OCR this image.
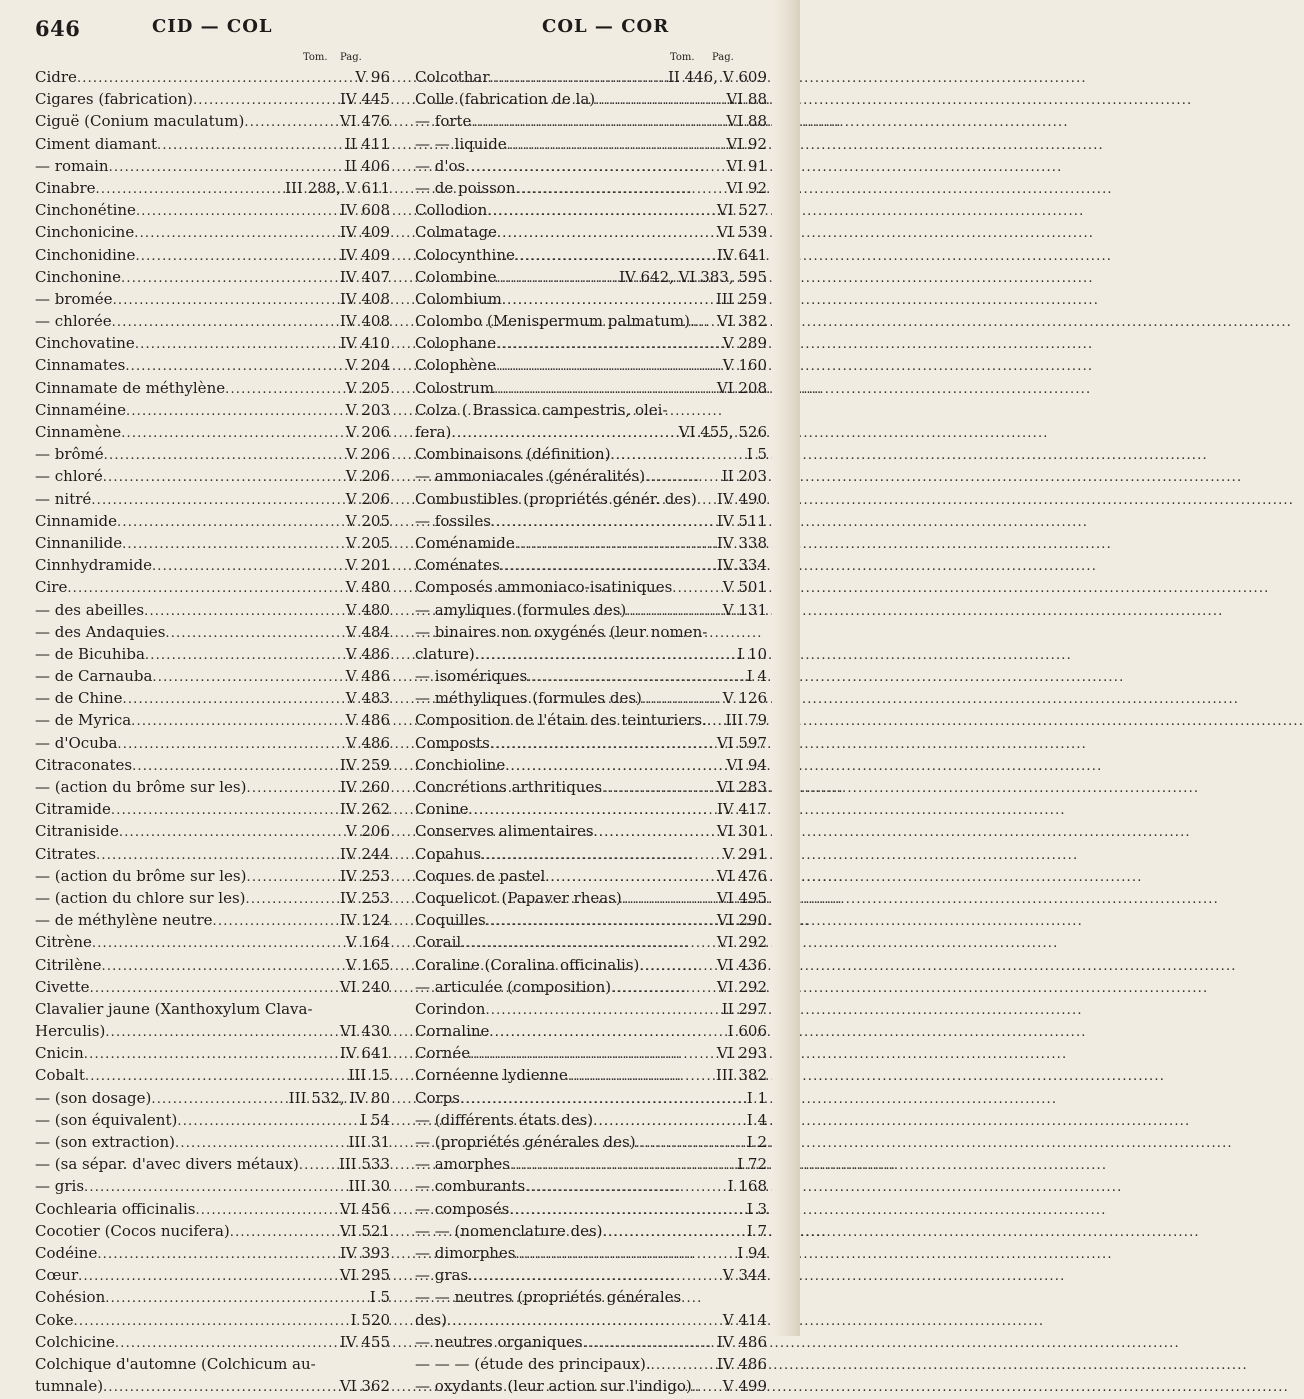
646	CID — COL	COL — COR
Tom. Pag.
Cidre .....	V 96
Cigares (fabrication) .....	IV 445
Ciguë (Conium maculatum) .....	VI 476
Ciment diamant .....	II 411
— romain .....	II 406
Cinabre .....	III 288, V 611
Cinchonétine .....	IV 608
Cinchonicine .....	IV 409
Cinchonidine .....	IV 409
Cinchonine .....	IV 407
— bromée .....	IV 408
— chlorée .....	IV 408
Cinchovatine .....	IV 410
Cinnamates .....	V 204
Cinnamate de méthylène .....	V 205
Cinnaméine .....	V 203
Cinnamène .....	V 206
— brômé .....	V 206
— chloré .....	V 206
— nitré .....	V 206
Cinnamide .....	V 205
Cinnanilide .....	V 205
Cinnhydramide .....	V 201
Cire .....	V 480
— des abeilles .....	V 480
— des Andaquies .....	V 484
— de Bicuhiba .....	V 486
— de Carnauba .....	V 486
— de Chine .....	V 483
— de Myrica .....	V 486
— d'Ocuba .....	V 486
Citraconates .....	IV 259
— (action du brôme sur les) .....	IV 260
Citramide .....	IV 262
Citraniside .....	V 206
Citrates .....	IV 244
— (action du brôme sur les) .....	IV 253
— (action du chlore sur les) .....	IV 253
— de méthylène neutre .....	IV 124
Citrène .....	V 164
Citrilène .....	V 165
Civette .....	VI 240
Clavalier jaune (Xanthoxylum Clava-
Herculis) .....	VI 430
Cnicin .....	IV 641
Cobalt .....	III 15
— (son dosage) .....	III 532, IV 80
— (son équivalent) .....	I 54
— (son extraction) .....	III 31
— (sa sépar. d'avec divers métaux) .....	III 533
— gris .....	III 30
Cochlearia officinalis .....	VI 456
Cocotier (Cocos nucifera) .....	VI 521
Codéine .....	IV 393
Cœur .....	VI 295
Cohésion .....	I 5
Coke .....	I 520
Colchicine .....	IV 455
Colchique d'automne (Colchicum au-
tumnale) .....	VI 362
Tom. Pag.
Colcothar .....	II 446, V 609
Colle (fabrication de la) .....	VI 88
— forte .....	VI 88
— — liquide .....	VI 92
— d'os .....	VI 91
— de poisson .....	VI 92
Collodion .....	VI 527
Colmatage .....	VI 539
Colocynthine .....	IV 641
Colombine .....	IV 642, VI 383, 595
Colombium .....	III 259
Colombo (Menispermum palmatum). ..... VI 382
Colophane .....	V 289
Colophène .....	V 160
Colostrum .....	VI 208
Colza ( Brassica campestris, olei-
fera) .....	VI 455, 526
Combinaisons (définition) .....	I 5
— ammoniacales (généralités) .....	II 203
Combustibles (propriétés génér. des) ..... IV 490
— fossiles .....	IV 511
Coménamide .....	IV 338
Coménates .....	IV 334
Composés ammoniaco-isatiniques .....	V 501
— amyliques (formules des) .....	V 131
— binaires non oxygénés (leur nomen-
clature) .....	I 10
— isomériques .....	I 4
— méthyliques (formules des) .....	V 126
Composition de l'étain des teinturiers. ..... III 79
Composts .....	VI 597
Conchioline .....	VI 94
Concrétions arthritiques .....	VI 283
Conine .....	IV 417
Conserves alimentaires .....	VI 301
Copahus .....	V 291
Coques de pastel .....	VI 476
Coquelicot (Papaver rheas) .....	VI 495
Coquilles .....	VI 290
Corail .....	VI 292
Coraline (Coralina officinalis) .....	VI 436
— articulée (composition) .....	VI 292
Corindon .....	II 297
Cornaline .....	I 606
Cornée .....	VI 293
Cornéenne lydienne .....	III 382
Corps .....	I 1
— (différents états des) .....	I 4
— (propriétés générales des) .....	I 2
— amorphes .....	I 72
— comburants .....	I 168
— composés .....	I 3
— — (nomenclature des) .....	I 7
— dimorphes .....	I 94
— gras .....	V 344
— — neutres (propriétés générales
des) .....	V 414
— neutres organiques .....	IV 486
— — — (étude des principaux). .....	IV 486
— oxydants (leur action sur l'indigo) ..... V 499
